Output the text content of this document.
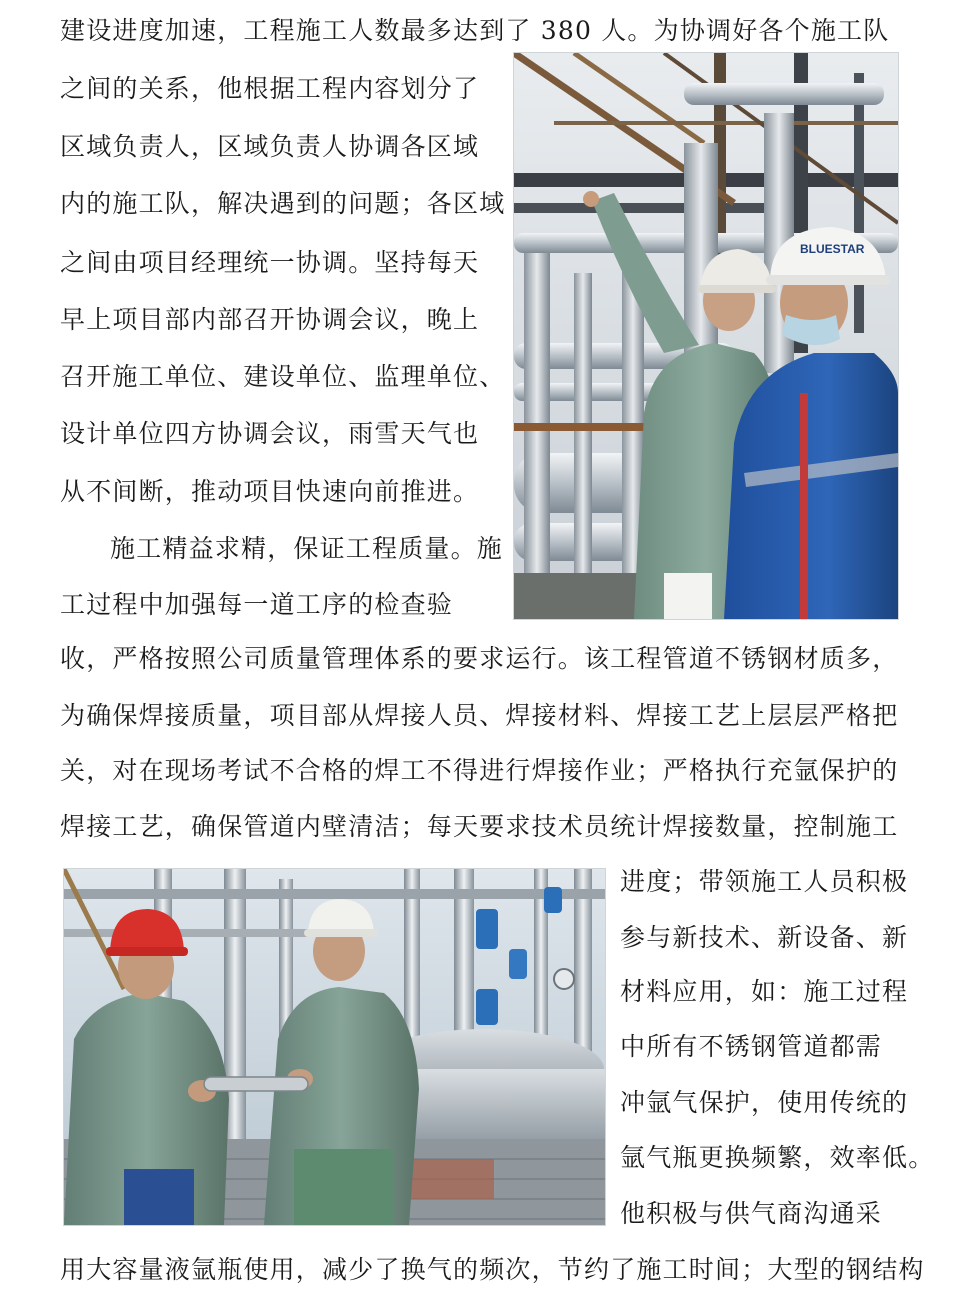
建设进度加速，工程施工人数最多达到了 380 人。为协调好各个施工队
之间的关系，他根据工程内容划分了
区域负责人，区域负责人协调各区域
内的施工队，解决遇到的问题；各区域
之间由项目经理统一协调。坚持每天
早上项目部内部召开协调会议，晚上
召开施工单位、建设单位、监理单位、
设计单位四方协调会议，雨雪天气也
从不间断，推动项目快速向前推进。
施工精益求精，保证工程质量。施
工过程中加强每一道工序的检查验
收，严格按照公司质量管理体系的要求运行。该工程管道不锈钢材质多，
为确保焊接质量，项目部从焊接人员、焊接材料、焊接工艺上层层严格把
关，对在现场考试不合格的焊工不得进行焊接作业；严格执行充氩保护的
焊接工艺，确保管道内壁清洁；每天要求技术员统计焊接数量，控制施工
进度；带领施工人员积极
参与新技术、新设备、新
材料应用，如：施工过程
中所有不锈钢管道都需
冲氩气保护，使用传统的
氩气瓶更换频繁，效率低。
他积极与供气商沟通采
用大容量液氩瓶使用，减少了换气的频次，节约了施工时间；大型的钢结构
BLUESTAR
